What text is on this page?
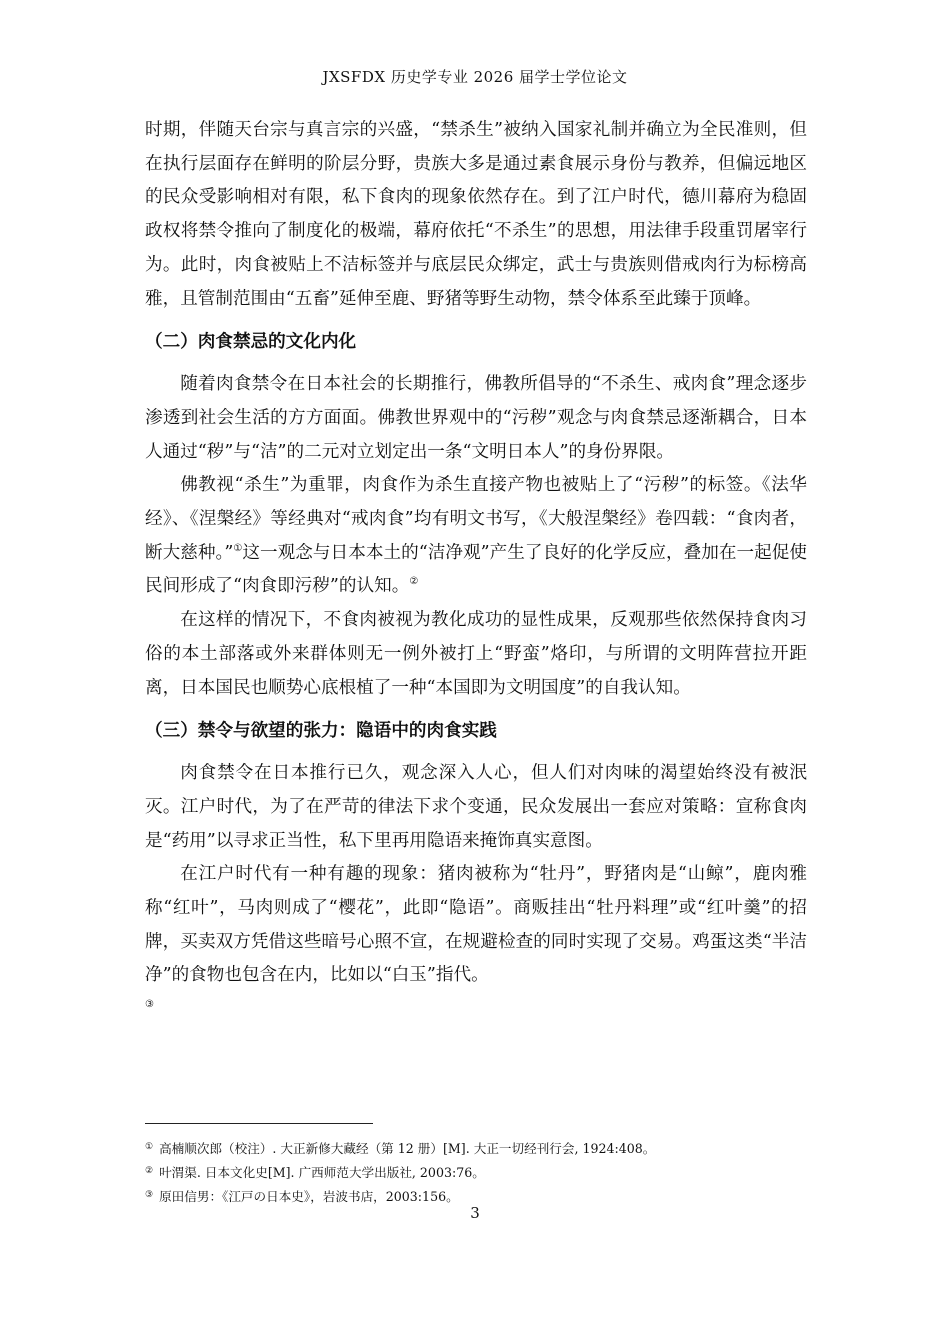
JXSFDX 历史学专业 2026 届学士学位论文

时期，伴随天台宗与真言宗的兴盛，“禁杀生”被纳入国家礼制并确立为全民准则，但在执行层面存在鲜明的阶层分野，贵族大多是通过素食展示身份与教养，但偏远地区的民众受影响相对有限，私下食肉的现象依然存在。到了江户时代，德川幕府为稳固政权将禁令推向了制度化的极端，幕府依托“不杀生”的思想，用法律手段重罚屠宰行为。此时，肉食被贴上不洁标签并与底层民众绑定，武士与贵族则借戒肉行为标榜高雅，且管制范围由“五畜”延伸至鹿、野猪等野生动物，禁令体系至此臻于顶峰。

（二）肉食禁忌的文化内化

随着肉食禁令在日本社会的长期推行，佛教所倡导的“不杀生、戒肉食”理念逐步渗透到社会生活的方方面面。佛教世界观中的“污秽”观念与肉食禁忌逐渐耦合，日本人通过“秽”与“洁”的二元对立划定出一条“文明日本人”的身份界限。

佛教视“杀生”为重罪，肉食作为杀生直接产物也被贴上了“污秽”的标签。《法华经》、《涅槃经》等经典对“戒肉食”均有明文书写，《大般涅槃经》卷四载：“食肉者，断大慈种。”①这一观念与日本本土的“洁净观”产生了良好的化学反应，叠加在一起促使民间形成了“肉食即污秽”的认知。②

在这样的情况下，不食肉被视为教化成功的显性成果，反观那些依然保持食肉习俗的本土部落或外来群体则无一例外被打上“野蛮”烙印，与所谓的文明阵营拉开距离，日本国民也顺势心底根植了一种“本国即为文明国度”的自我认知。

（三）禁令与欲望的张力：隐语中的肉食实践

肉食禁令在日本推行已久，观念深入人心，但人们对肉味的渴望始终没有被泯灭。江户时代，为了在严苛的律法下求个变通，民众发展出一套应对策略：宣称食肉是“药用”以寻求正当性，私下里再用隐语来掩饰真实意图。

在江户时代有一种有趣的现象：猪肉被称为“牡丹”，野猪肉是“山鲸”，鹿肉雅称“红叶”，马肉则成了“樱花”，此即“隐语”。商贩挂出“牡丹料理”或“红叶羹”的招牌，买卖双方凭借这些暗号心照不宣，在规避检查的同时实现了交易。鸡蛋这类“半洁净”的食物也包含在内，比如以“白玉”指代。
③

① 高楠顺次郎（校注）. 大正新修大藏经（第 12 册）[M]. 大正一切经刊行会, 1924:408。

② 叶渭渠. 日本文化史[M]. 广西师范大学出版社, 2003:76。

③ 原田信男：《江戸の日本史》，岩波书店，2003:156。

3
